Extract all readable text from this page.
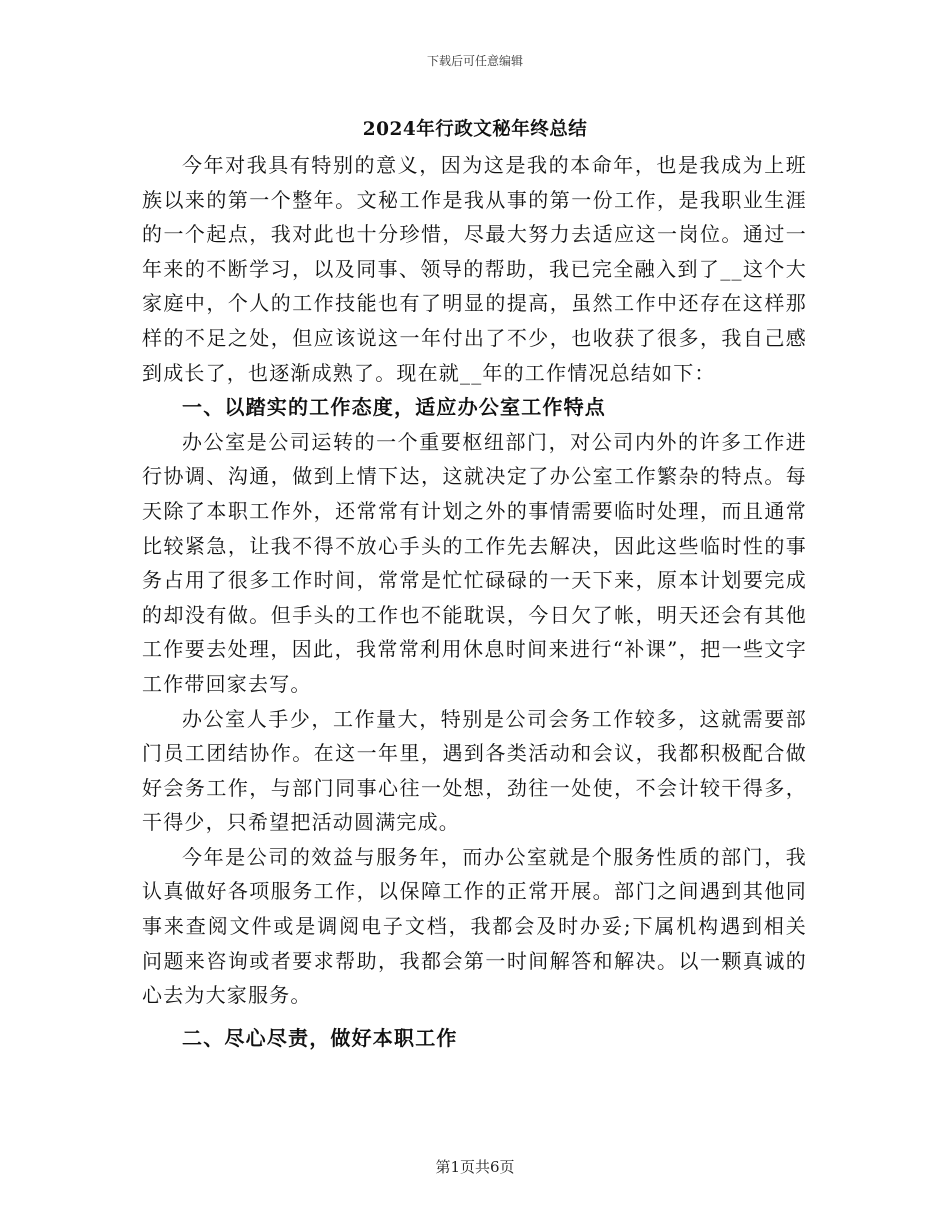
下载后可任意编辑
2024年行政文秘年终总结

今年对我具有特别的意义，因为这是我的本命年，也是我成为上班族以来的第一个整年。文秘工作是我从事的第一份工作，是我职业生涯的一个起点，我对此也十分珍惜，尽最大努力去适应这一岗位。通过一年来的不断学习，以及同事、领导的帮助，我已完全融入到了__这个大家庭中，个人的工作技能也有了明显的提高，虽然工作中还存在这样那样的不足之处，但应该说这一年付出了不少，也收获了很多，我自己感到成长了，也逐渐成熟了。现在就__年的工作情况总结如下：

一、以踏实的工作态度，适应办公室工作特点

办公室是公司运转的一个重要枢纽部门，对公司内外的许多工作进行协调、沟通，做到上情下达，这就决定了办公室工作繁杂的特点。每天除了本职工作外，还常常有计划之外的事情需要临时处理，而且通常比较紧急，让我不得不放心手头的工作先去解决，因此这些临时性的事务占用了很多工作时间，常常是忙忙碌碌的一天下来，原本计划要完成的却没有做。但手头的工作也不能耽误，今日欠了帐，明天还会有其他工作要去处理，因此，我常常利用休息时间来进行“补课”，把一些文字工作带回家去写。

办公室人手少，工作量大，特别是公司会务工作较多，这就需要部门员工团结协作。在这一年里，遇到各类活动和会议，我都积极配合做好会务工作，与部门同事心往一处想，劲往一处使，不会计较干得多，干得少，只希望把活动圆满完成。

今年是公司的效益与服务年，而办公室就是个服务性质的部门，我认真做好各项服务工作，以保障工作的正常开展。部门之间遇到其他同事来查阅文件或是调阅电子文档，我都会及时办妥;下属机构遇到相关问题来咨询或者要求帮助，我都会第一时间解答和解决。以一颗真诚的心去为大家服务。

二、尽心尽责，做好本职工作

第1页共6页
